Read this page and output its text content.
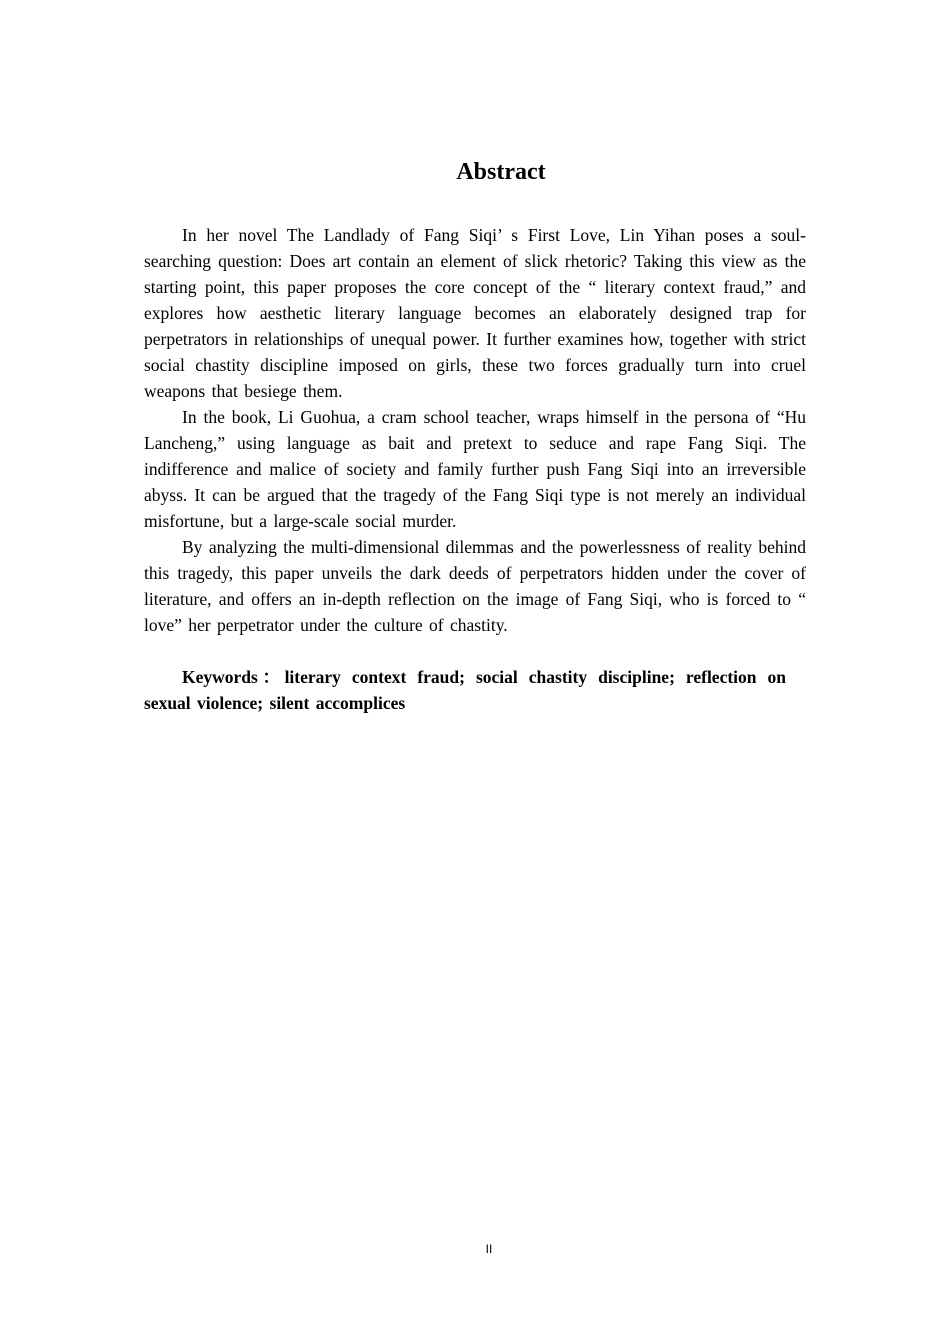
Abstract

In her novel The Landlady of Fang Siqi’ s First Love, Lin Yihan poses a soul-searching question: Does art contain an element of slick rhetoric? Taking this view as the starting point, this paper proposes the core concept of the “ literary context fraud,” and explores how aesthetic literary language becomes an elaborately designed trap for perpetrators in relationships of unequal power. It further examines how, together with strict social chastity discipline imposed on girls, these two forces gradually turn into cruel weapons that besiege them.

In the book, Li Guohua, a cram school teacher, wraps himself in the persona of “Hu Lancheng,” using language as bait and pretext to seduce and rape Fang Siqi. The indifference and malice of society and family further push Fang Siqi into an irreversible abyss. It can be argued that the tragedy of the Fang Siqi type is not merely an individual misfortune, but a large-scale social murder.

By analyzing the multi-dimensional dilemmas and the powerlessness of reality behind this tragedy, this paper unveils the dark deeds of perpetrators hidden under the cover of literature, and offers an in-depth reflection on the image of Fang Siqi, who is forced to “ love” her perpetrator under the culture of chastity.

Keywords：literary context fraud; social chastity discipline; reflection on sexual violence; silent accomplices

II
